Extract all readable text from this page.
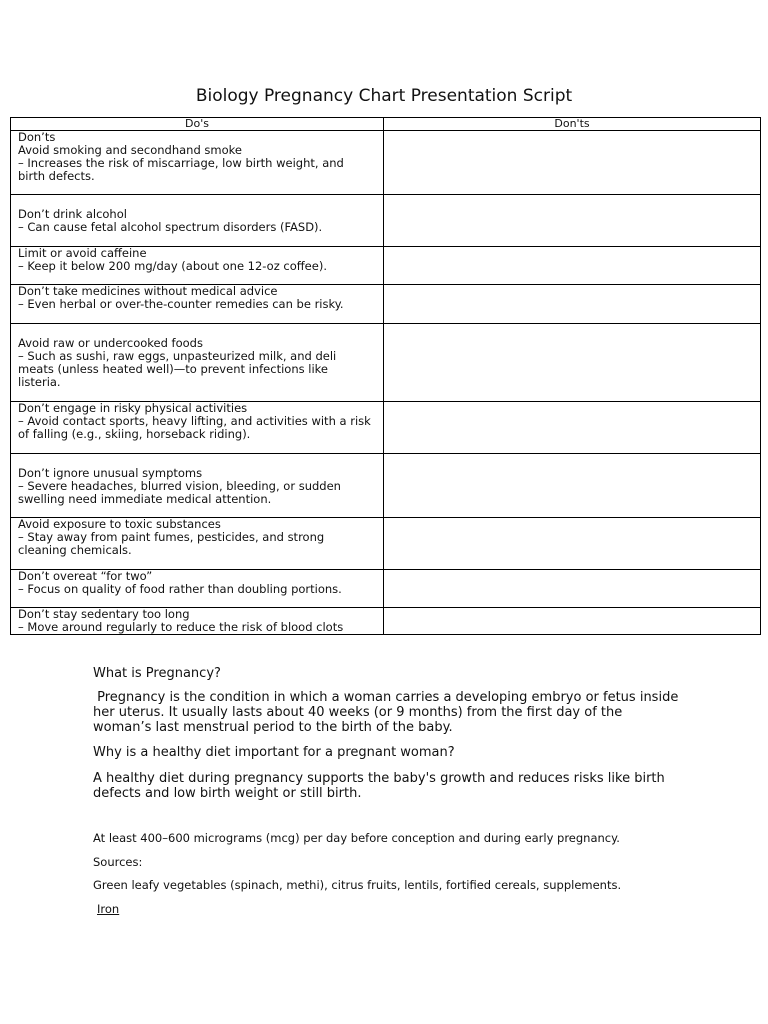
Biology Pregnancy Chart Presentation Script
Do's	Don'ts

Don’ts
Avoid smoking and secondhand smoke
– Increases the risk of miscarriage, low birth weight, and
birth defects.	

Don’t drink alcohol
– Can cause fetal alcohol spectrum disorders (FASD).	

Limit or avoid caffeine
– Keep it below 200 mg/day (about one 12-oz coffee).	

Don’t take medicines without medical advice
– Even herbal or over-the-counter remedies can be risky.	

Avoid raw or undercooked foods
– Such as sushi, raw eggs, unpasteurized milk, and deli
meats (unless heated well)—to prevent infections like
listeria.	

Don’t engage in risky physical activities
– Avoid contact sports, heavy lifting, and activities with a risk
of falling (e.g., skiing, horseback riding).	

Don’t ignore unusual symptoms
– Severe headaches, blurred vision, bleeding, or sudden
swelling need immediate medical attention.	

Avoid exposure to toxic substances
– Stay away from paint fumes, pesticides, and strong
cleaning chemicals.	

Don’t overeat “for two”
– Focus on quality of food rather than doubling portions.	

Don’t stay sedentary too long
– Move around regularly to reduce the risk of blood clots	

What is Pregnancy?
Pregnancy is the condition in which a woman carries a developing embryo or fetus inside
her uterus. It usually lasts about 40 weeks (or 9 months) from the first day of the
woman’s last menstrual period to the birth of the baby.
Why is a healthy diet important for a pregnant woman?
A healthy diet during pregnancy supports the baby's growth and reduces risks like birth
defects and low birth weight or still birth.
At least 400–600 micrograms (mcg) per day before conception and during early pregnancy.
Sources:
Green leafy vegetables (spinach, methi), citrus fruits, lentils, fortified cereals, supplements.
Iron
